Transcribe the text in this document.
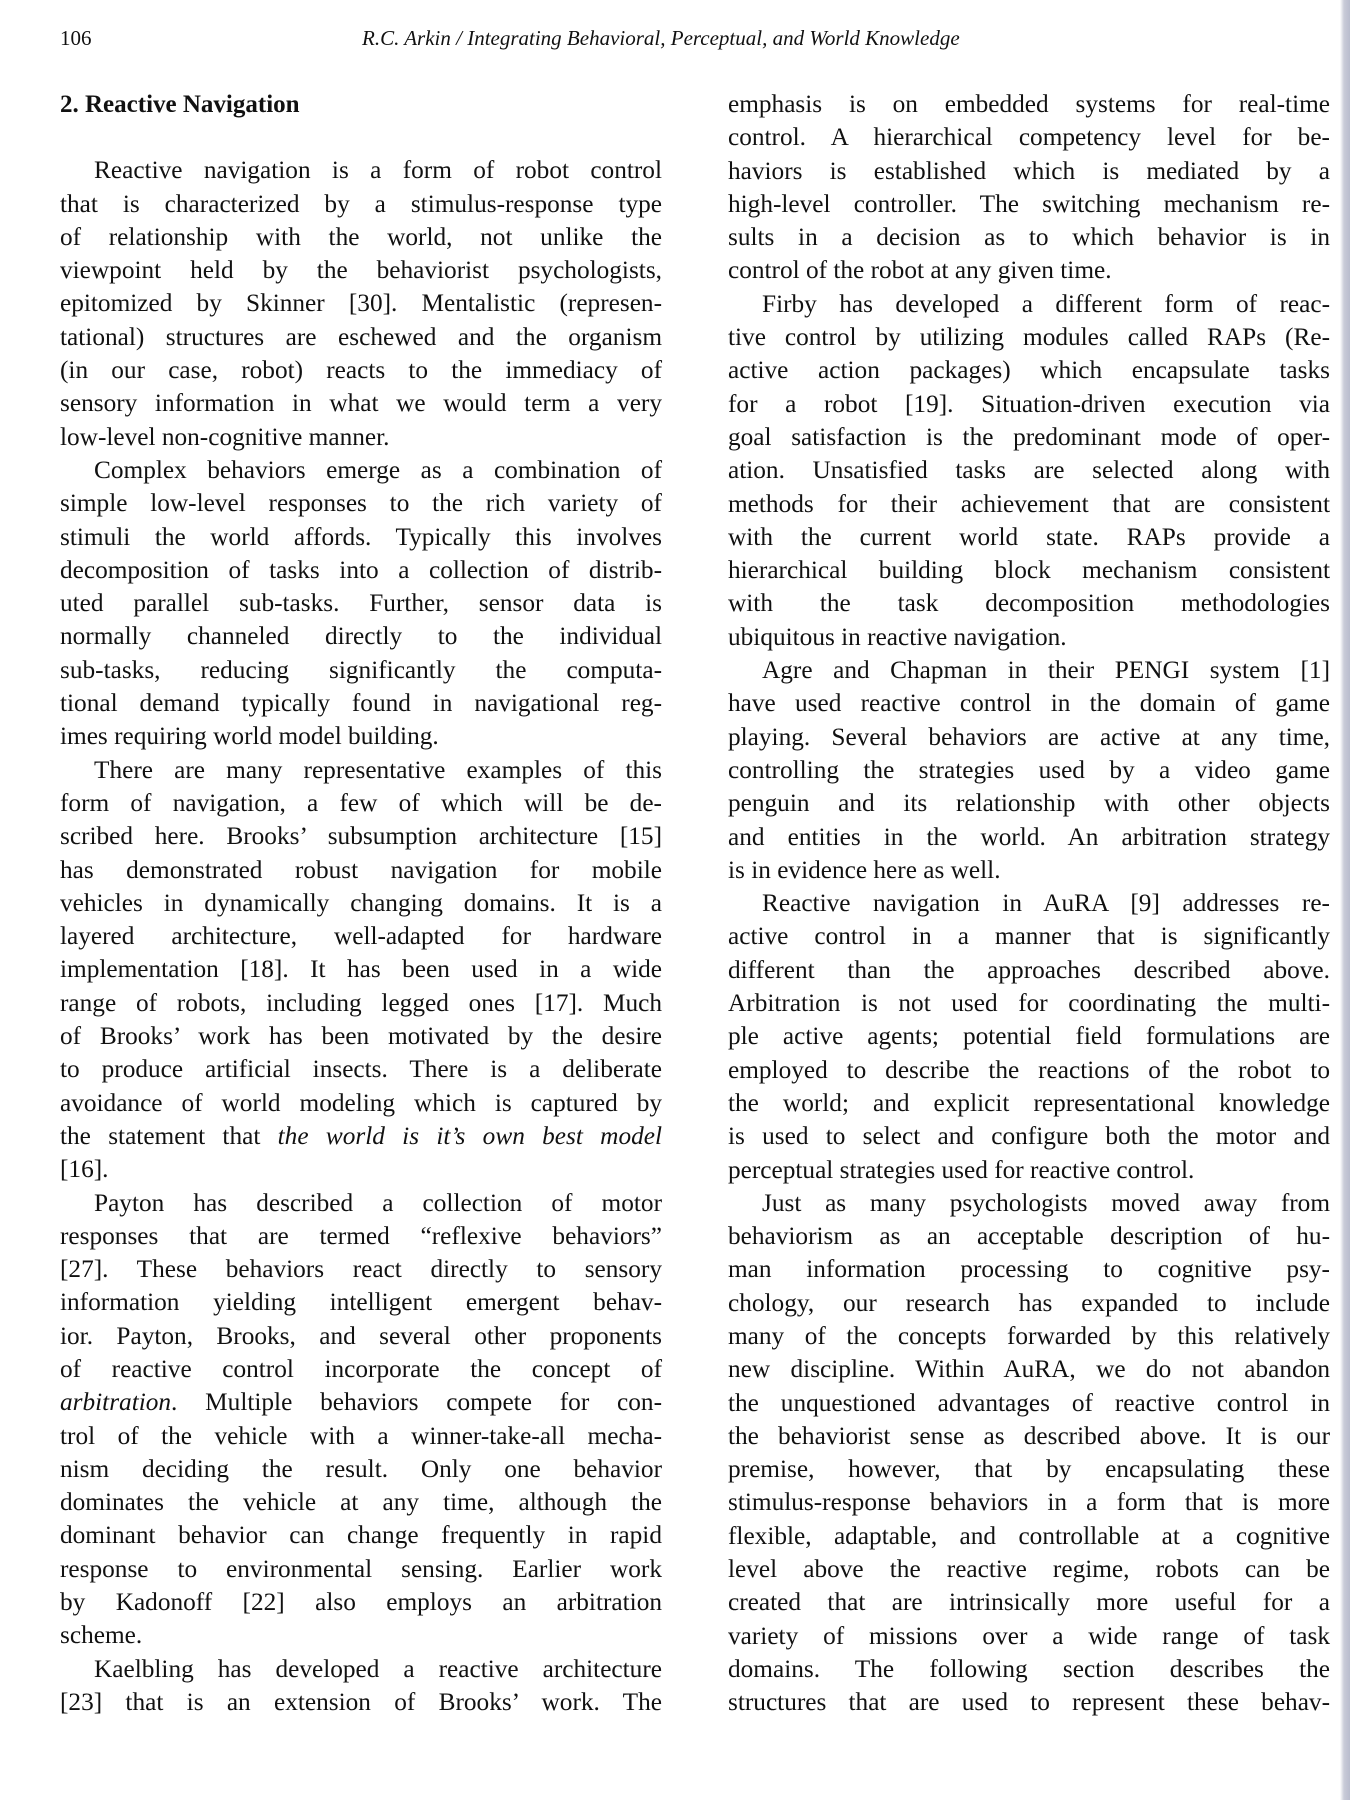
106	R.C. Arkin / Integrating Behavioral, Perceptual, and World Knowledge
2. Reactive Navigation
Reactive navigation is a form of robot control
that is characterized by a stimulus-response type
of relationship with the world, not unlike the
viewpoint held by the behaviorist psychologists,
epitomized by Skinner [30]. Mentalistic (represen-
tational) structures are eschewed and the organism
(in our case, robot) reacts to the immediacy of
sensory information in what we would term a very
low-level non-cognitive manner.
Complex behaviors emerge as a combination of
simple low-level responses to the rich variety of
stimuli the world affords. Typically this involves
decomposition of tasks into a collection of distrib-
uted parallel sub-tasks. Further, sensor data is
normally channeled directly to the individual
sub-tasks, reducing significantly the computa-
tional demand typically found in navigational reg-
imes requiring world model building.
There are many representative examples of this
form of navigation, a few of which will be de-
scribed here. Brooks’ subsumption architecture [15]
has demonstrated robust navigation for mobile
vehicles in dynamically changing domains. It is a
layered architecture, well-adapted for hardware
implementation [18]. It has been used in a wide
range of robots, including legged ones [17]. Much
of Brooks’ work has been motivated by the desire
to produce artificial insects. There is a deliberate
avoidance of world modeling which is captured by
the statement that the world is it’s own best model
[16].
Payton has described a collection of motor
responses that are termed “reflexive behaviors”
[27]. These behaviors react directly to sensory
information yielding intelligent emergent behav-
ior. Payton, Brooks, and several other proponents
of reactive control incorporate the concept of
arbitration. Multiple behaviors compete for con-
trol of the vehicle with a winner-take-all mecha-
nism deciding the result. Only one behavior
dominates the vehicle at any time, although the
dominant behavior can change frequently in rapid
response to environmental sensing. Earlier work
by Kadonoff [22] also employs an arbitration
scheme.
Kaelbling has developed a reactive architecture
[23] that is an extension of Brooks’ work. The
emphasis is on embedded systems for real-time
control. A hierarchical competency level for be-
haviors is established which is mediated by a
high-level controller. The switching mechanism re-
sults in a decision as to which behavior is in
control of the robot at any given time.
Firby has developed a different form of reac-
tive control by utilizing modules called RAPs (Re-
active action packages) which encapsulate tasks
for a robot [19]. Situation-driven execution via
goal satisfaction is the predominant mode of oper-
ation. Unsatisfied tasks are selected along with
methods for their achievement that are consistent
with the current world state. RAPs provide a
hierarchical building block mechanism consistent
with the task decomposition methodologies
ubiquitous in reactive navigation.
Agre and Chapman in their PENGI system [1]
have used reactive control in the domain of game
playing. Several behaviors are active at any time,
controlling the strategies used by a video game
penguin and its relationship with other objects
and entities in the world. An arbitration strategy
is in evidence here as well.
Reactive navigation in AuRA [9] addresses re-
active control in a manner that is significantly
different than the approaches described above.
Arbitration is not used for coordinating the multi-
ple active agents; potential field formulations are
employed to describe the reactions of the robot to
the world; and explicit representational knowledge
is used to select and configure both the motor and
perceptual strategies used for reactive control.
Just as many psychologists moved away from
behaviorism as an acceptable description of hu-
man information processing to cognitive psy-
chology, our research has expanded to include
many of the concepts forwarded by this relatively
new discipline. Within AuRA, we do not abandon
the unquestioned advantages of reactive control in
the behaviorist sense as described above. It is our
premise, however, that by encapsulating these
stimulus-response behaviors in a form that is more
flexible, adaptable, and controllable at a cognitive
level above the reactive regime, robots can be
created that are intrinsically more useful for a
variety of missions over a wide range of task
domains. The following section describes the
structures that are used to represent these behav-
